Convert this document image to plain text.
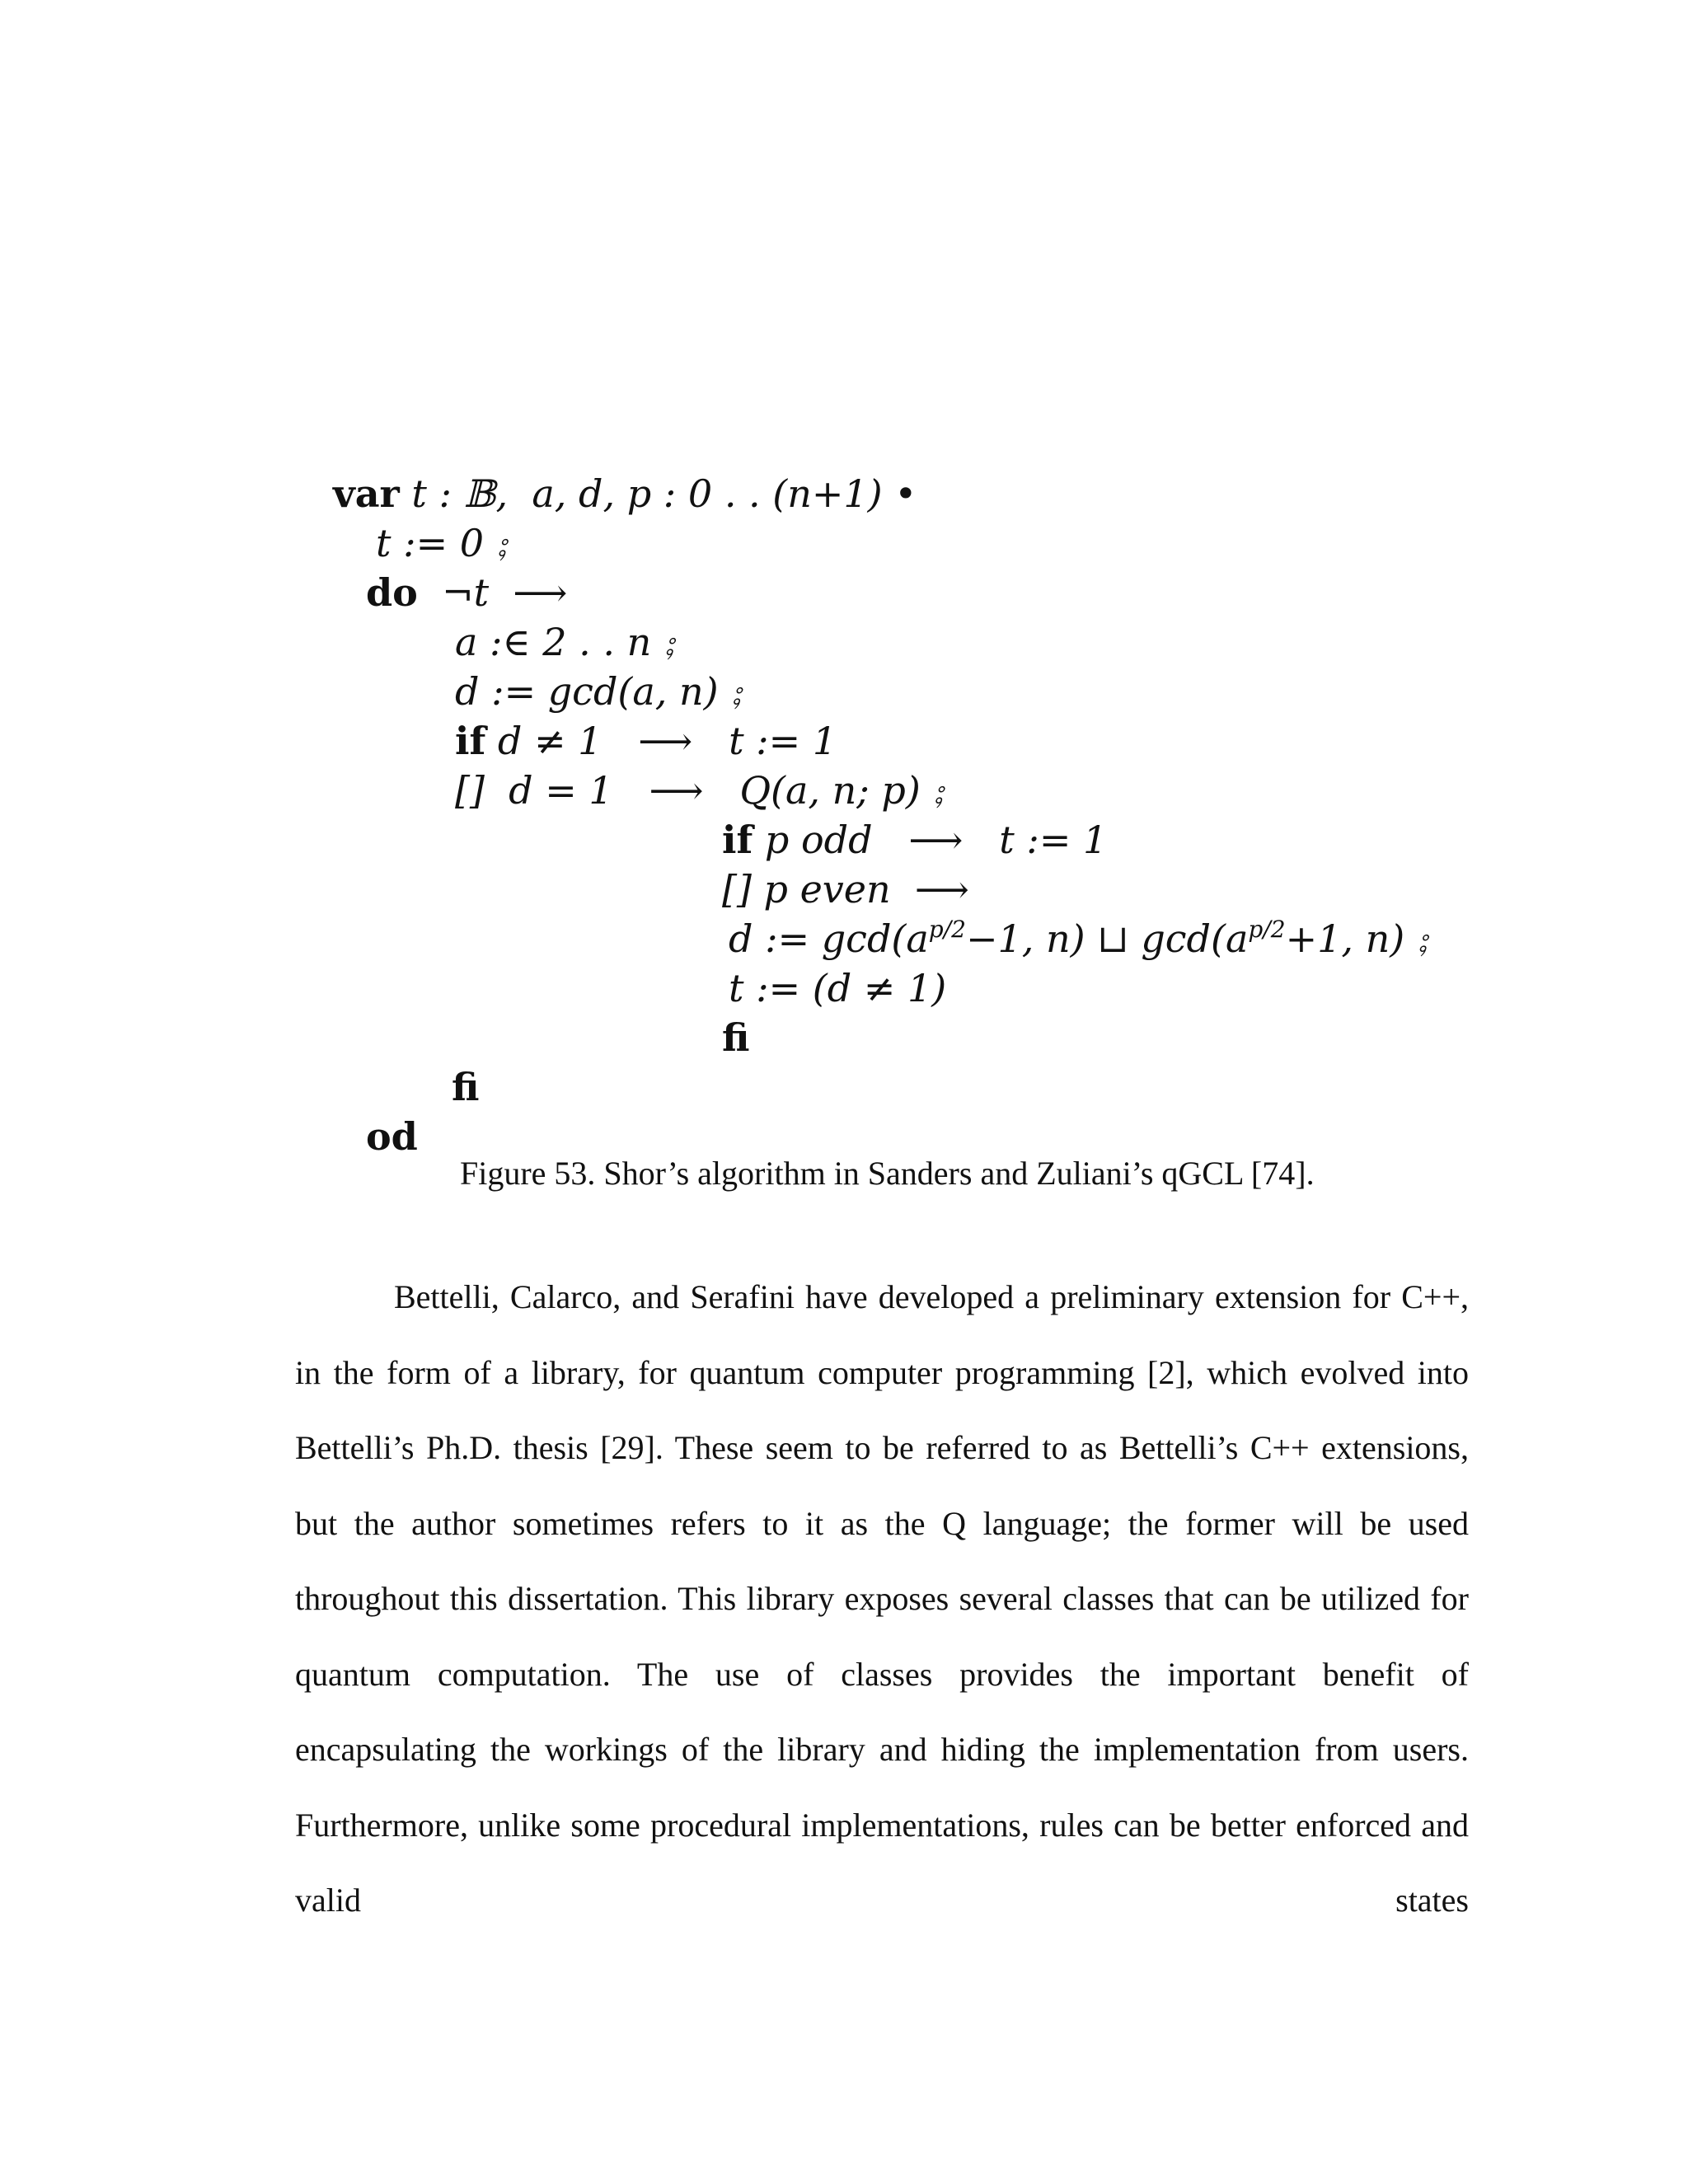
var t : 𝔹,  a, d, p : 0 . . (n+1) •
t := 0 ⨟
do  ¬t  ⟶
a :∈ 2 . . n ⨟
d := gcd(a, n) ⨟
if d ≠ 1   ⟶   t := 1
[]  d = 1   ⟶   Q(a, n; p) ⨟
if p odd   ⟶   t := 1
[] p even  ⟶
d := $\gcd(a^{p/2}-1$, n) ⊔ $\gcd(a^{p/2}+1$, n) ⨟
t := (d ≠ 1)
fi
fi
od
Figure 53. Shor’s algorithm in Sanders and Zuliani’s qGCL [74].

Bettelli, Calarco, and Serafini have developed a preliminary extension for C++, in the form of a library, for quantum computer programming [2], which evolved into Bettelli’s Ph.D. thesis [29]. These seem to be referred to as Bettelli’s C++ extensions, but the author sometimes refers to it as the Q language; the former will be used throughout this dissertation. This library exposes several classes that can be utilized for quantum computation. The use of classes provides the important benefit of encapsulating the workings of the library and hiding the implementation from users. Furthermore, unlike some procedural implementations, rules can be better enforced and valid states
